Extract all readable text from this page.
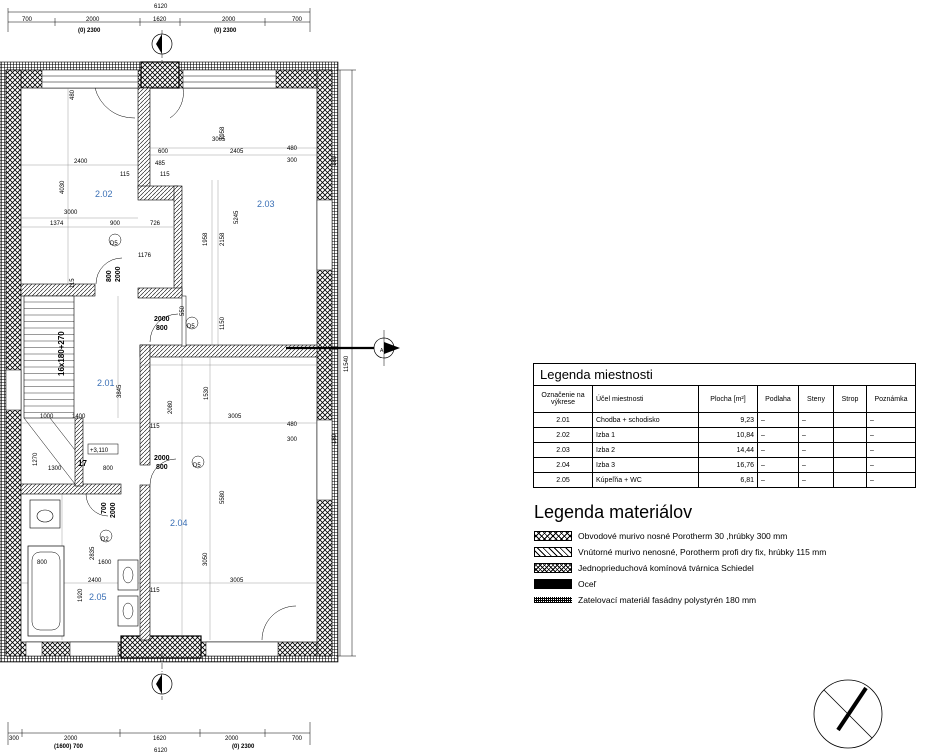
6120
700	2000	1620	2000	700
(0) 2300	(0) 2300
2.02
2.03
2.01
2.04
2.05
480
2400
4030
3000
1374	900	726
1176
115
600
485
115
115
3005
2405	480
300
1958
5245
2158
1958
550
1150
3845
2080
1530
1400
1000	3005
480
300
1270
1300	800
5580
3050
2835
1600
2400
1920
3005
800
115
115
16x180+270
+3,110
17
800 2000
2000
800
2000
800
700 2000
D5
D5
D5
D2
11540
180
180
A
300	2000	1620	2000	700
(1600) 700	(0) 2300
6120
Legenda miestnosti
Označenie na výkrese	Účel miestnosti	Plocha [m²]	Podlaha	Steny	Strop	Poznámka
2.01	Chodba + schodisko	9,23	–	–		–
2.02	Izba 1	10,84	–	–		–
2.03	Izba 2	14,44	–	–		–
2.04	Izba 3	16,76	–	–		–
2.05	Kúpeľňa + WC	6,81	–	–		–
Legenda materiálov
Obvodové murivo nosné Porotherm 30 ,hrúbky 300 mm
Vnútorné murivo nenosné, Porotherm profi dry fix, hrúbky 115 mm
Jednoprieduchová komínová tvárnica Schiedel
Oceľ
Zatelovací materiál fasádny polystyrén 180 mm
